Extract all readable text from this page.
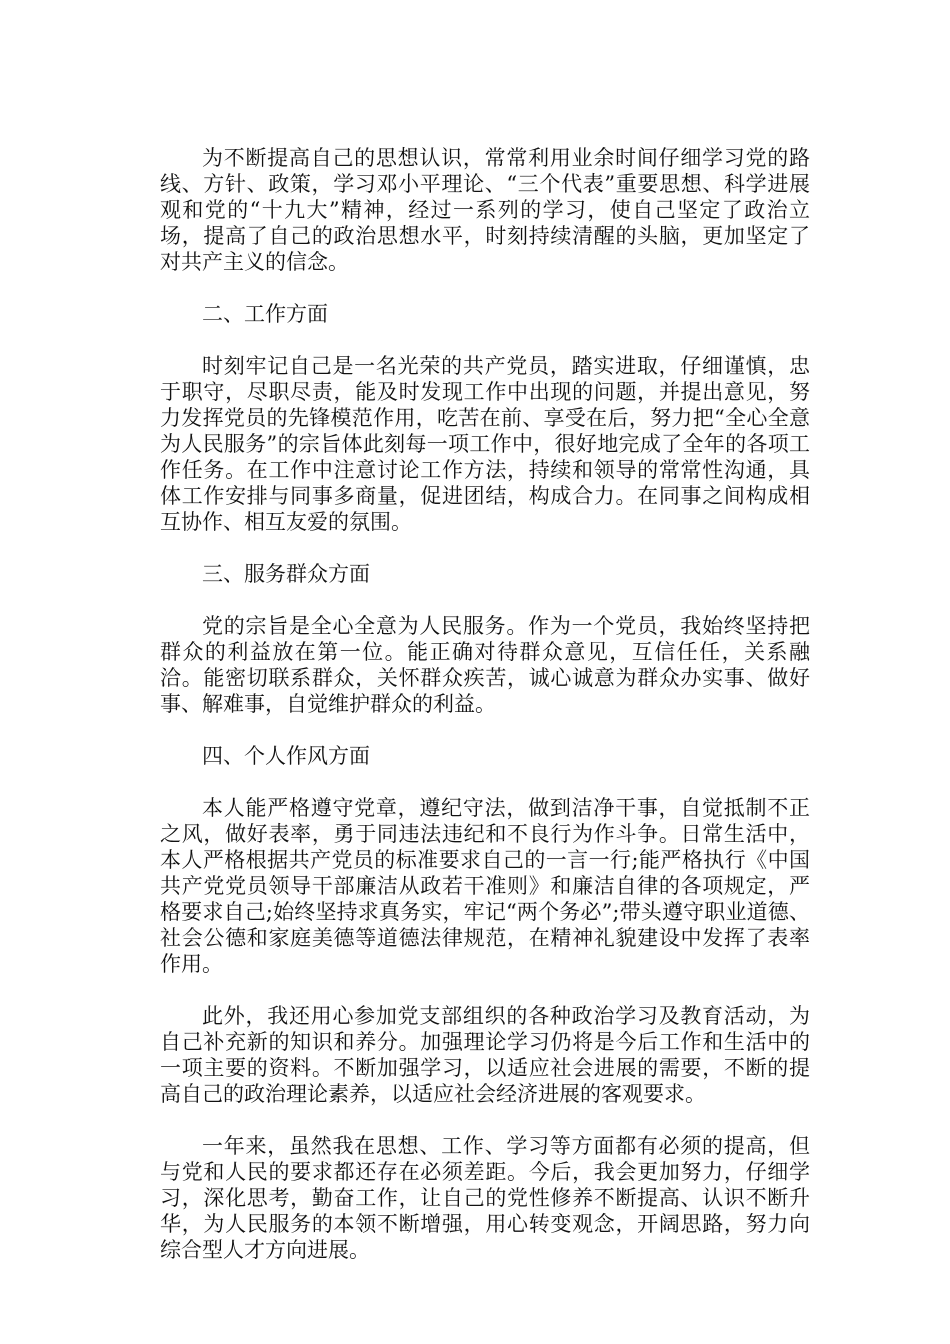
为不断提高自己的思想认识，常常利用业余时间仔细学习党的路线、方针、政策，学习邓小平理论、“三个代表”重要思想、科学进展观和党的“十九大”精神，经过一系列的学习，使自己坚定了政治立场，提高了自己的政治思想水平，时刻持续清醒的头脑，更加坚定了对共产主义的信念。

二、工作方面

时刻牢记自己是一名光荣的共产党员，踏实进取，仔细谨慎，忠于职守，尽职尽责，能及时发现工作中出现的问题，并提出意见，努力发挥党员的先锋模范作用，吃苦在前、享受在后，努力把“全心全意为人民服务”的宗旨体此刻每一项工作中，很好地完成了全年的各项工作任务。在工作中注意讨论工作方法，持续和领导的常常性沟通，具体工作安排与同事多商量，促进团结，构成合力。在同事之间构成相互协作、相互友爱的氛围。

三、服务群众方面

党的宗旨是全心全意为人民服务。作为一个党员，我始终坚持把群众的利益放在第一位。能正确对待群众意见，互信任任，关系融洽。能密切联系群众，关怀群众疾苦，诚心诚意为群众办实事、做好事、解难事，自觉维护群众的利益。

四、个人作风方面

本人能严格遵守党章，遵纪守法，做到洁净干事，自觉抵制不正之风，做好表率，勇于同违法违纪和不良行为作斗争。日常生活中，本人严格根据共产党员的标准要求自己的一言一行;能严格执行《中国共产党党员领导干部廉洁从政若干准则》和廉洁自律的各项规定，严格要求自己;始终坚持求真务实，牢记“两个务必”;带头遵守职业道德、社会公德和家庭美德等道德法律规范，在精神礼貌建设中发挥了表率作用。

此外，我还用心参加党支部组织的各种政治学习及教育活动，为自己补充新的知识和养分。加强理论学习仍将是今后工作和生活中的一项主要的资料。不断加强学习，以适应社会进展的需要，不断的提高自己的政治理论素养，以适应社会经济进展的客观要求。

一年来，虽然我在思想、工作、学习等方面都有必须的提高，但与党和人民的要求都还存在必须差距。今后，我会更加努力，仔细学习，深化思考，勤奋工作，让自己的党性修养不断提高、认识不断升华，为人民服务的本领不断增强，用心转变观念，开阔思路，努力向综合型人才方向进展。
